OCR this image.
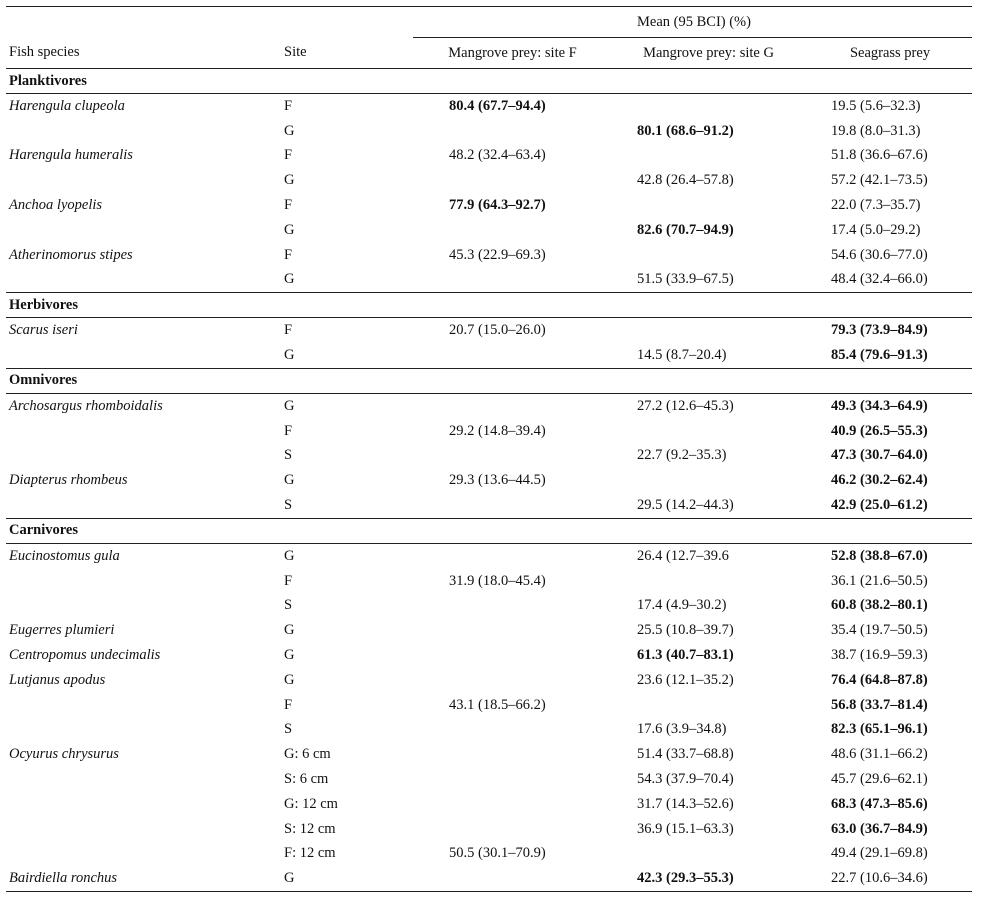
		Mean (95 BCI) (%)		
Fish species	Site	Mangrove prey: site F	Mangrove prey: site G	Seagrass prey
Planktivores				
Harengula clupeola	F	80.4 (67.7–94.4)		19.5 (5.6–32.3)
	G		80.1 (68.6–91.2)	19.8 (8.0–31.3)
Harengula humeralis	F	48.2 (32.4–63.4)		51.8 (36.6–67.6)
	G		42.8 (26.4–57.8)	57.2 (42.1–73.5)
Anchoa lyopelis	F	77.9 (64.3–92.7)		22.0 (7.3–35.7)
	G		82.6 (70.7–94.9)	17.4 (5.0–29.2)
Atherinomorus stipes	F	45.3 (22.9–69.3)		54.6 (30.6–77.0)
	G		51.5 (33.9–67.5)	48.4 (32.4–66.0)
Herbivores				
Scarus iseri	F	20.7 (15.0–26.0)		79.3 (73.9–84.9)
	G		14.5 (8.7–20.4)	85.4 (79.6–91.3)
Omnivores				
Archosargus rhomboidalis	G		27.2 (12.6–45.3)	49.3 (34.3–64.9)
	F	29.2 (14.8–39.4)		40.9 (26.5–55.3)
	S		22.7 (9.2–35.3)	47.3 (30.7–64.0)
Diapterus rhombeus	G	29.3 (13.6–44.5)		46.2 (30.2–62.4)
	S		29.5 (14.2–44.3)	42.9 (25.0–61.2)
Carnivores				
Eucinostomus gula	G		26.4 (12.7–39.6	52.8 (38.8–67.0)
	F	31.9 (18.0–45.4)		36.1 (21.6–50.5)
	S		17.4 (4.9–30.2)	60.8 (38.2–80.1)
Eugerres plumieri	G		25.5 (10.8–39.7)	35.4 (19.7–50.5)
Centropomus undecimalis	G		61.3 (40.7–83.1)	38.7 (16.9–59.3)
Lutjanus apodus	G		23.6 (12.1–35.2)	76.4 (64.8–87.8)
	F	43.1 (18.5–66.2)		56.8 (33.7–81.4)
	S		17.6 (3.9–34.8)	82.3 (65.1–96.1)
Ocyurus chrysurus	G: 6 cm		51.4 (33.7–68.8)	48.6 (31.1–66.2)
	S: 6 cm		54.3 (37.9–70.4)	45.7 (29.6–62.1)
	G: 12 cm		31.7 (14.3–52.6)	68.3 (47.3–85.6)
	S: 12 cm		36.9 (15.1–63.3)	63.0 (36.7–84.9)
	F: 12 cm	50.5 (30.1–70.9)		49.4 (29.1–69.8)
Bairdiella ronchus	G		42.3 (29.3–55.3)	22.7 (10.6–34.6)
